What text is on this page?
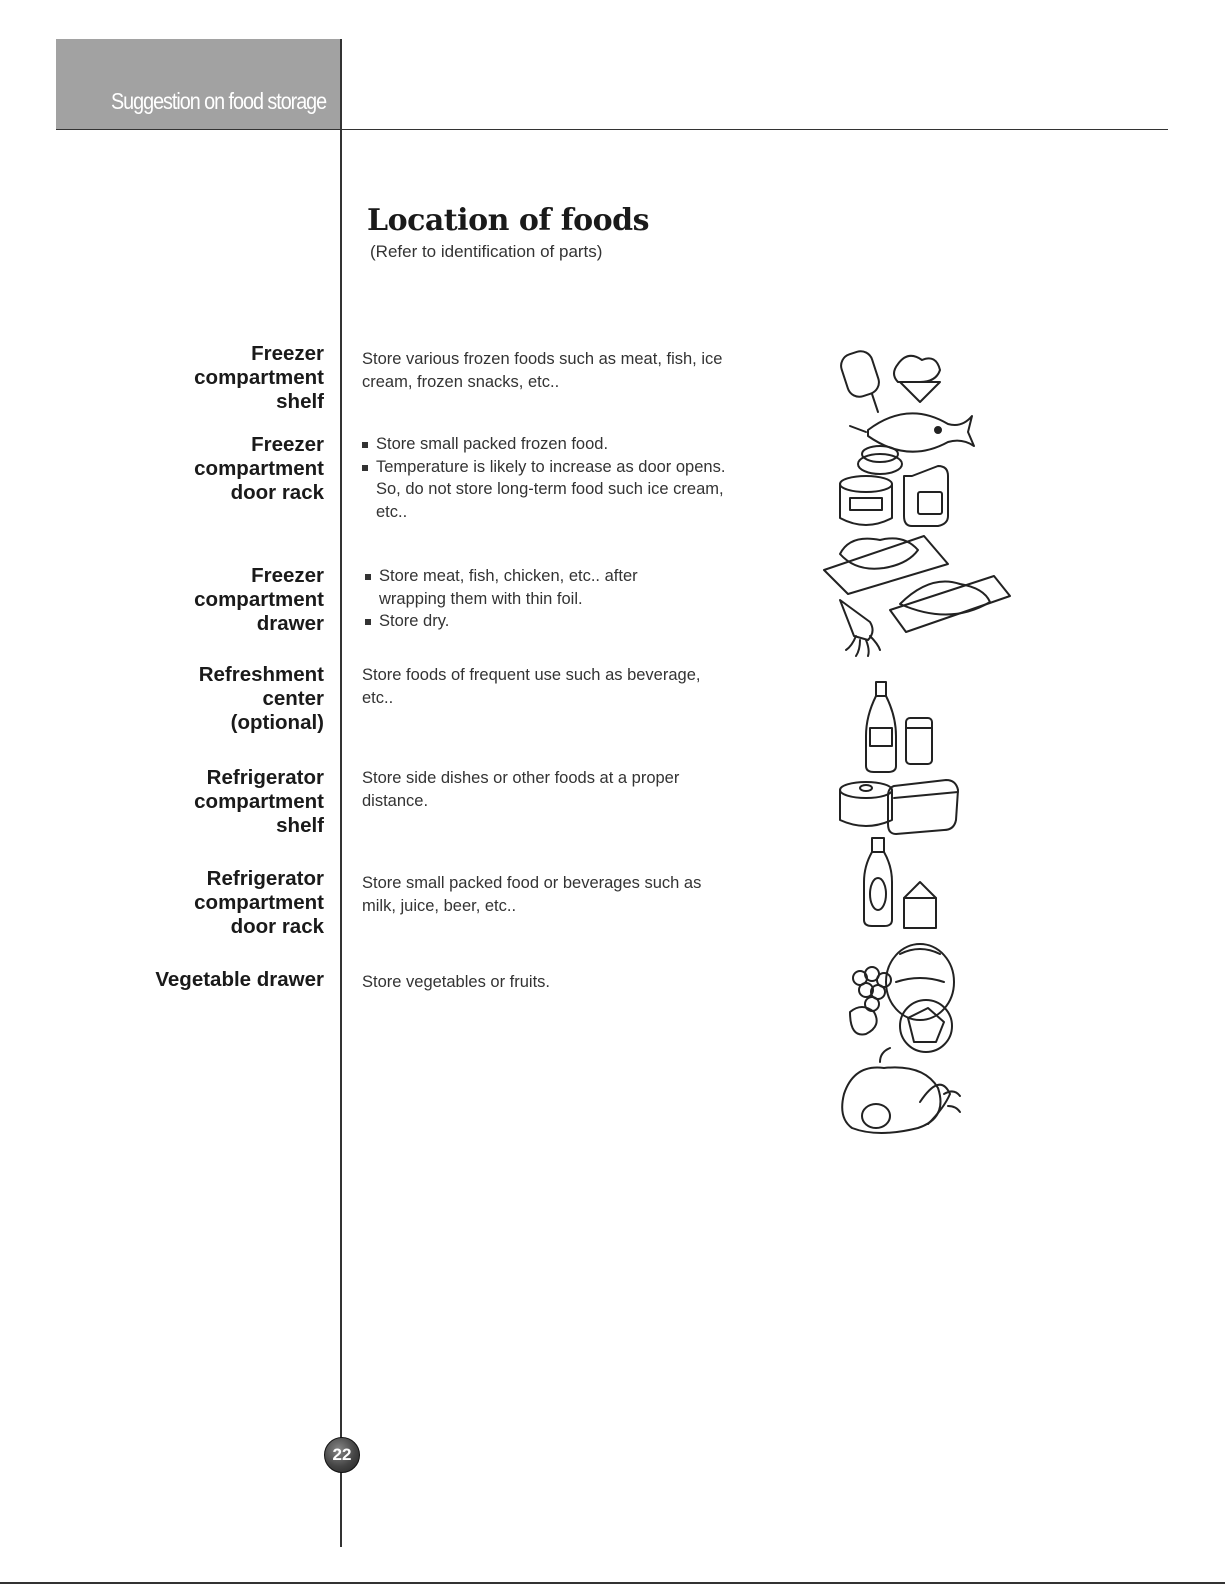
Suggestion on food storage
Location of foods
(Refer to identification of parts)
Freezer
compartment
shelf

Store various frozen foods such as meat, fish, ice cream, frozen snacks, etc..

Freezer
compartment
door rack
Store small packed frozen food.
Temperature is likely to increase as door opens. So, do not store long-term food such ice cream, etc..
Freezer
compartment
drawer
Store meat, fish, chicken, etc.. after wrapping them with thin foil.
Store dry.
Refreshment
center
(optional)

Store foods of frequent use such as beverage, etc..

Refrigerator
compartment
shelf

Store side dishes or other foods at a proper distance.

Refrigerator
compartment
door rack

Store small packed food or beverages such as milk, juice, beer, etc..

Vegetable drawer Store vegetables or fruits.

22
